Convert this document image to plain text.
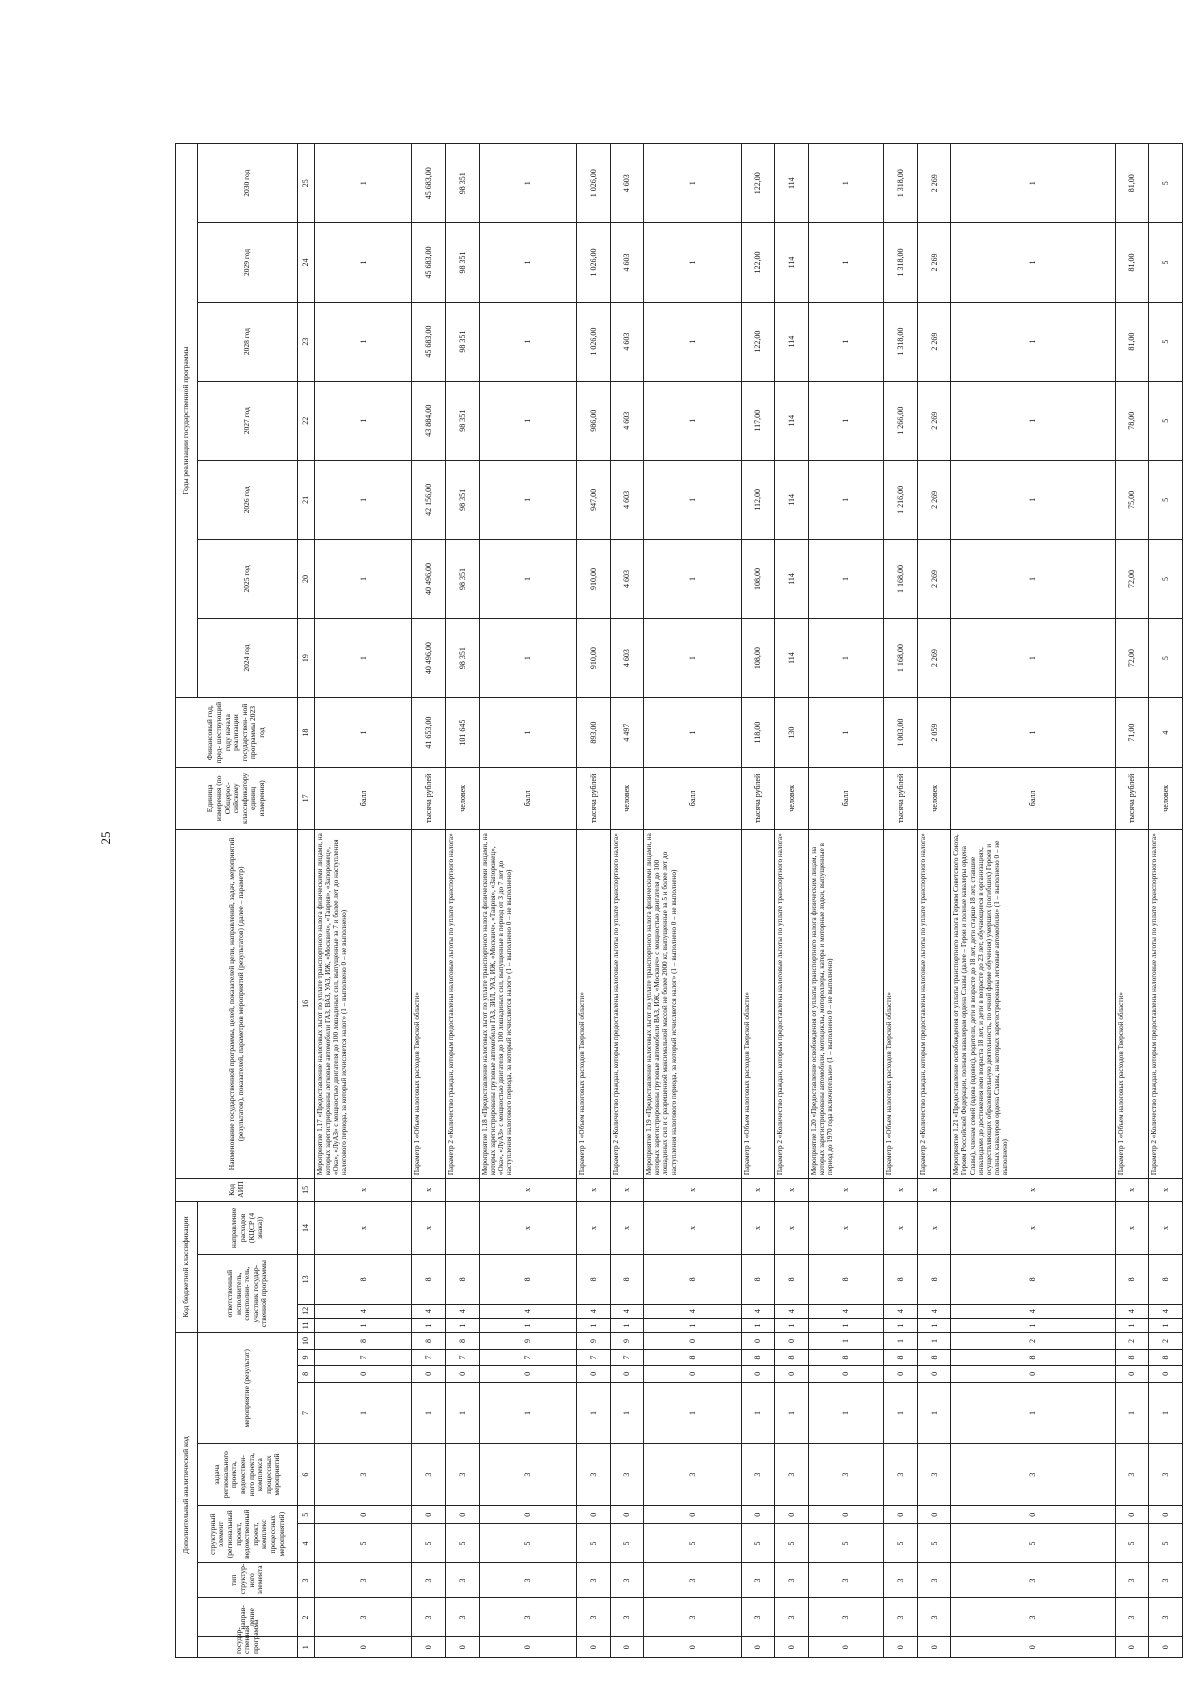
25
Дополнительный аналитический код										Код бюджетной классификации				Код АИП	Наименование государственной программы, целей, показателей цели, направлений, задач, мероприятий (результатов), показателей, параметров мероприятий (результатов) (далее – параметр)	Единица измерения (по Общерос- сийскому классификатору единиц измерения)	Финансовый год, пред- шествующий году начала реализации государствен- ной программы 2023 год	Годы реализации государственной программы						
государ- ственная программа	направ- ление	тип структур- ного элемента	структурный элемент (региональный проект, ведомственный проект, комплекс процессных мероприятий)		задача регионального проекта, ведомствен- ного проекта, комплекса процессных мероприятий	мероприятие (результат)				ответственный исполнитель, соисполни- тель, участник государ- ственной программы			направление расходов (КЦСР (4 знака))					2024 год	2025 год	2026 год	2027 год	2028 год	2029 год	2030 год
1	2	3	4	5	6	7	8	9	10	11	12	13	14	15	16	17	18	19	20	21	22	23	24	25
0	3	3	5	0	3	1	0	7	8	1	4	8	x	x	Мероприятие 1.17 «Предоставление налоговых льгот по уплате транспортного налога физическими лицами, на которых зарегистрированы легковые автомобили ГАЗ, ВАЗ, УАЗ, ИЖ, «Москвич», «Таврия», «Запорожец», «Ока», «ЛуАЗ» с мощностью двигателя до 100 лошадиных сил, выпущенные за 7 и более лет до наступления налогового периода, за который исчисляется налог» (1 – выполнено 0 – не выполнено)	балл	1	1	1	1	1	1	1	1
0	3	3	5	0	3	1	0	7	8	1	4	8	x	x	Параметр 1 «Объем налоговых расходов Тверской области»	тысяча рублей	41 653,00	40 496,00	40 496,00	42 156,00	43 884,00	45 683,00	45 683,00	45 683,00
0	3	3	5	0	3	1	0	7	8	1	4	8			Параметр 2 «Количество граждан, которым предоставлены налоговые льготы по уплате транспортного налога»	человек	101 645	98 351	98 351	98 351	98 351	98 351	98 351	98 351
0	3	3	5	0	3	1	0	7	9	1	4	8	x	x	Мероприятие 1.18 «Предоставление налоговых льгот по уплате транспортного налога физическими лицами, на которых зарегистрированы грузовые автомобили ГАЗ, ЗИЛ, УАЗ, ИЖ, «Москвич», «Таврия», «Запорожец», «Ока», «ЛуАЗ» с мощностью двигателя до 100 лошадиных сил, выпущенные в период от 3 до 7 лет до наступления налогового периода, за который исчисляется налог» (1 – выполнено 0 – не выполнено)	балл	1	1	1	1	1	1	1	1
0	3	3	5	0	3	1	0	7	9	1	4	8	x	x	Параметр 1 «Объем налоговых расходов Тверской области»	тысяча рублей	893,00	910,00	910,00	947,00	986,00	1 026,00	1 026,00	1 026,00
0	3	3	5	0	3	1	0	7	9	1	4	8	x	x	Параметр 2 «Количество граждан, которым предоставлены налоговые льготы по уплате транспортного налога»	человек	4 497	4 603	4 603	4 603	4 603	4 603	4 603	4 603
0	3	3	5	0	3	1	0	8	0	1	4	8	x	x	Мероприятие 1.19 «Предоставление налоговых льгот по уплате транспортного налога физическими лицами, на которых зарегистрированы грузовые автомобили ВАЗ, ИЖ, «Москвич» с мощностью двигателя до 100 лошадиных сил и с разрешенной максимальной массой не более 2000 кг, выпущенные за 5 и более лет до наступления налогового периода, за который исчисляется налог» (1 – выполнено 0 – не выполнено)	балл	1	1	1	1	1	1	1	1
0	3	3	5	0	3	1	0	8	0	1	4	8	x	x	Параметр 1 «Объем налоговых расходов Тверской области»	тысяча рублей	118,00	108,00	108,00	112,00	117,00	122,00	122,00	122,00
0	3	3	5	0	3	1	0	8	0	1	4	8	x	x	Параметр 2 «Количество граждан, которым предоставлены налоговые льготы по уплате транспортного налога»	человек	130	114	114	114	114	114	114	114
0	3	3	5	0	3	1	0	8	1	1	4	8	x	x	Мероприятие 1.20 «Предоставление освобождения от уплаты транспортного налога физическим лицам, на которых зарегистрированы автомобили, мотоциклы, мотороллеры, катера и моторные лодки, выпущенные в период до 1970 года включительно» (1 – выполнено 0 – не выполнено)	балл	1	1	1	1	1	1	1	1
0	3	3	5	0	3	1	0	8	1	1	4	8	x	x	Параметр 1 «Объем налоговых расходов Тверской области»	тысяча рублей	1 003,00	1 168,00	1 168,00	1 216,00	1 266,00	1 318,00	1 318,00	1 318,00
0	3	3	5	0	3	1	0	8	1	1	4	8	x	x	Параметр 2 «Количество граждан, которым предоставлены налоговые льготы по уплате транспортного налога»	человек	2 059	2 269	2 269	2 269	2 269	2 269	2 269	2 269
0	3	3	5	0	3	1	0	8	2	1	4	8	x	x	Мероприятие 1.21 «Предоставление освобождения от уплаты транспортного налога Героям Советского Союза, Героям Российской Федерации, полным кавалерам ордена Славы (далее – Герои и полные кавалеры ордена Славы), членам семей (вдова (вдовец), родители, дети в возрасте до 18 лет, дети старше 18 лет, ставшие инвалидами до достижения ими возраста 18 лет, и дети в возрасте до 23 лет, обучающиеся в организациях, осуществляющих образовательную деятельность, по очной форме обучения) умерших (погибших) Героев и полных кавалеров ордена Славы, на которых зарегистрированы легковые автомобили» (1 – выполнено 0 – не выполнено)	балл	1	1	1	1	1	1	1	1
0	3	3	5	0	3	1	0	8	2	1	4	8	x	x	Параметр 1 «Объем налоговых расходов Тверской области»	тысяча рублей	71,00	72,00	72,00	75,00	78,00	81,00	81,00	81,00
0	3	3	5	0	3	1	0	8	2	1	4	8	x	x	Параметр 2 «Количество граждан, которым предоставлены налоговые льготы по уплате транспортного налога»	человек	4	5	5	5	5	5	5	5
